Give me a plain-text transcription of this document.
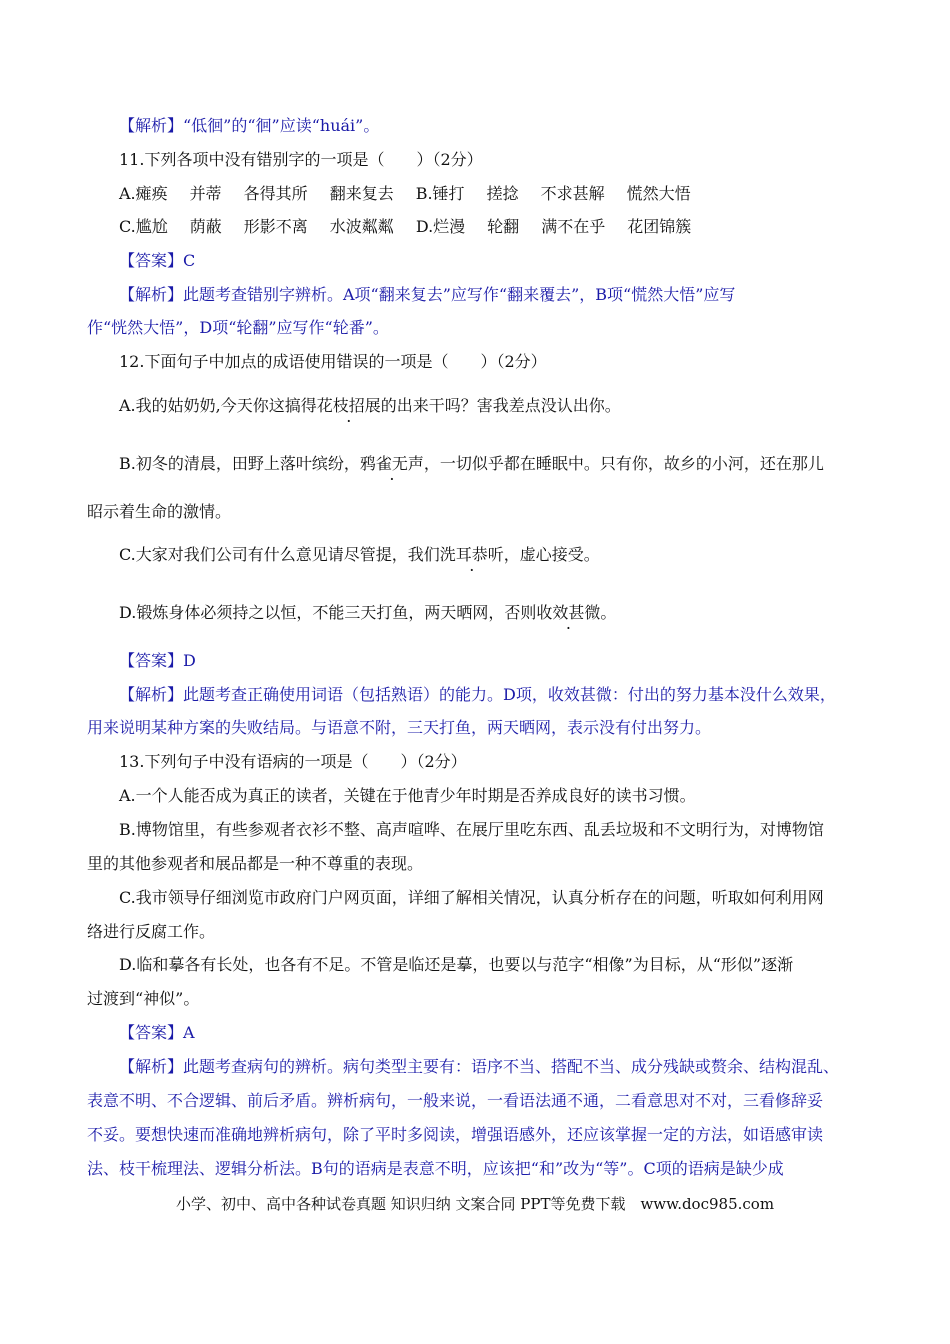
【解析】“低徊”的“徊”应读“huái”。
11.下列各项中没有错别字的一项是（　　）（2分）
A.瘫痪 并蒂 各得其所 翻来复去 B.锤打 搓捻 不求甚解 慌然大悟
C.尴尬 荫蔽 形影不离 水波粼粼 D.烂漫 轮翻 满不在乎 花团锦簇
【答案】C
【解析】此题考查错别字辨析。A项“翻来复去”应写作“翻来覆去”，B项“慌然大悟”应写
作“恍然大悟”，D项“轮翻”应写作“轮番”。
12.下面句子中加点的成语使用错误的一项是（　　）（2分）
A.我的姑奶奶,今天你这搞得花枝招展的出来干吗？害我差点没认出你。
B.初冬的清晨，田野上落叶缤纷，鸦雀无声，一切似乎都在睡眠中。只有你，故乡的小河，还在那儿
昭示着生命的激情。
C.大家对我们公司有什么意见请尽管提，我们洗耳恭听，虚心接受。
D.锻炼身体必须持之以恒，不能三天打鱼，两天晒网，否则收效甚微。
【答案】D
【解析】此题考查正确使用词语（包括熟语）的能力。D项，收效甚微：付出的努力基本没什么效果，
用来说明某种方案的失败结局。与语意不附，三天打鱼，两天晒网，表示没有付出努力。
13.下列句子中没有语病的一项是（　　）（2分）
A.一个人能否成为真正的读者，关键在于他青少年时期是否养成良好的读书习惯。
B.博物馆里，有些参观者衣衫不整、高声喧哗、在展厅里吃东西、乱丢垃圾和不文明行为，对博物馆
里的其他参观者和展品都是一种不尊重的表现。
C.我市领导仔细浏览市政府门户网页面，详细了解相关情况，认真分析存在的问题，听取如何利用网
络进行反腐工作。
D.临和摹各有长处，也各有不足。不管是临还是摹，也要以与范字“相像”为目标，从“形似”逐渐
过渡到“神似”。
【答案】A
【解析】此题考查病句的辨析。病句类型主要有：语序不当、搭配不当、成分残缺或赘余、结构混乱、
表意不明、不合逻辑、前后矛盾。辨析病句，一般来说，一看语法通不通，二看意思对不对，三看修辞妥
不妥。要想快速而准确地辨析病句，除了平时多阅读，增强语感外，还应该掌握一定的方法，如语感审读
法、枝干梳理法、逻辑分析法。B句的语病是表意不明，应该把“和”改为“等”。C项的语病是缺少成
小学、初中、高中各种试卷真题 知识归纳 文案合同 PPT等免费下载　www.doc985.com
